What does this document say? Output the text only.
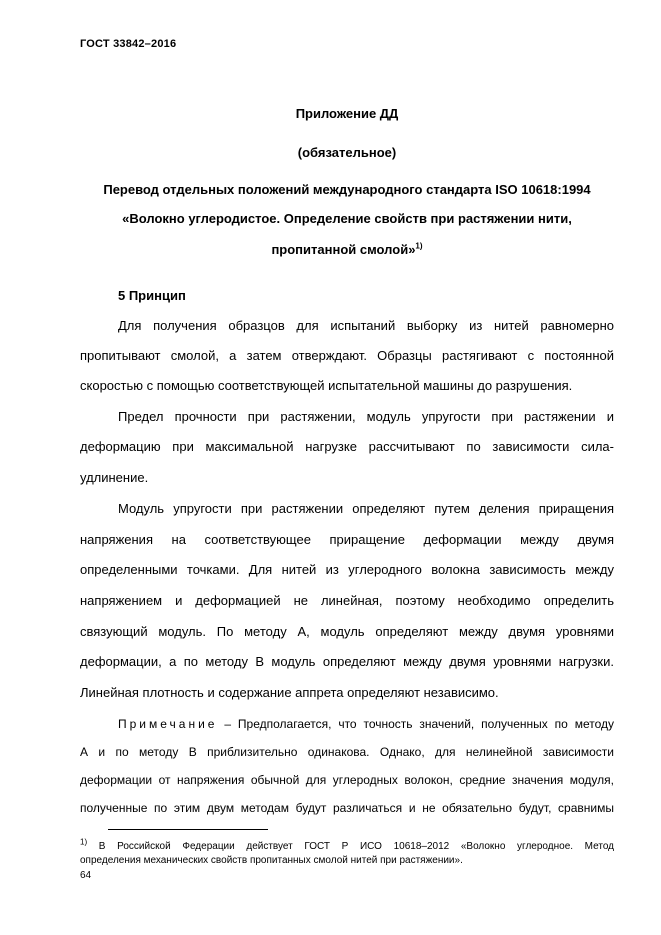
ГОСТ 33842–2016
Приложение ДД
(обязательное)
Перевод отдельных положений международного стандарта ISO 10618:1994
«Волокно углеродистое. Определение свойств при растяжении нити,
пропитанной смолой»$^{1)}$
5 Принцип
Для получения образцов для испытаний выборку из нитей равномерно
пропитывают смолой, а затем отверждают. Образцы растягивают с постоянной
скоростью с помощью соответствующей испытательной машины до разрушения.
Предел прочности при растяжении, модуль упругости при растяжении и
деформацию при максимальной нагрузке рассчитывают по зависимости сила-
удлинение.
Модуль упругости при растяжении определяют путем деления приращения
напряжения на соответствующее приращение деформации между двумя
определенными точками. Для нитей из углеродного волокна зависимость между
напряжением и деформацией не линейная, поэтому необходимо определить
связующий модуль. По методу А, модуль определяют между двумя уровнями
деформации, а по методу В модуль определяют между двумя уровнями нагрузки.
Линейная плотность и содержание аппрета определяют независимо.
Примечание – Предполагается, что точность значений, полученных по методу
А и по методу В приблизительно одинакова. Однако, для нелинейной зависимости
деформации от напряжения обычной для углеродных волокон, средние значения модуля,
полученные по этим двум методам будут различаться и не обязательно будут, сравнимы
$^{1)}$ В Российской Федерации действует ГОСТ Р ИСО 10618–2012 «Волокно углеродное. Метод
определения механических свойств пропитанных смолой нитей при растяжении».
64
